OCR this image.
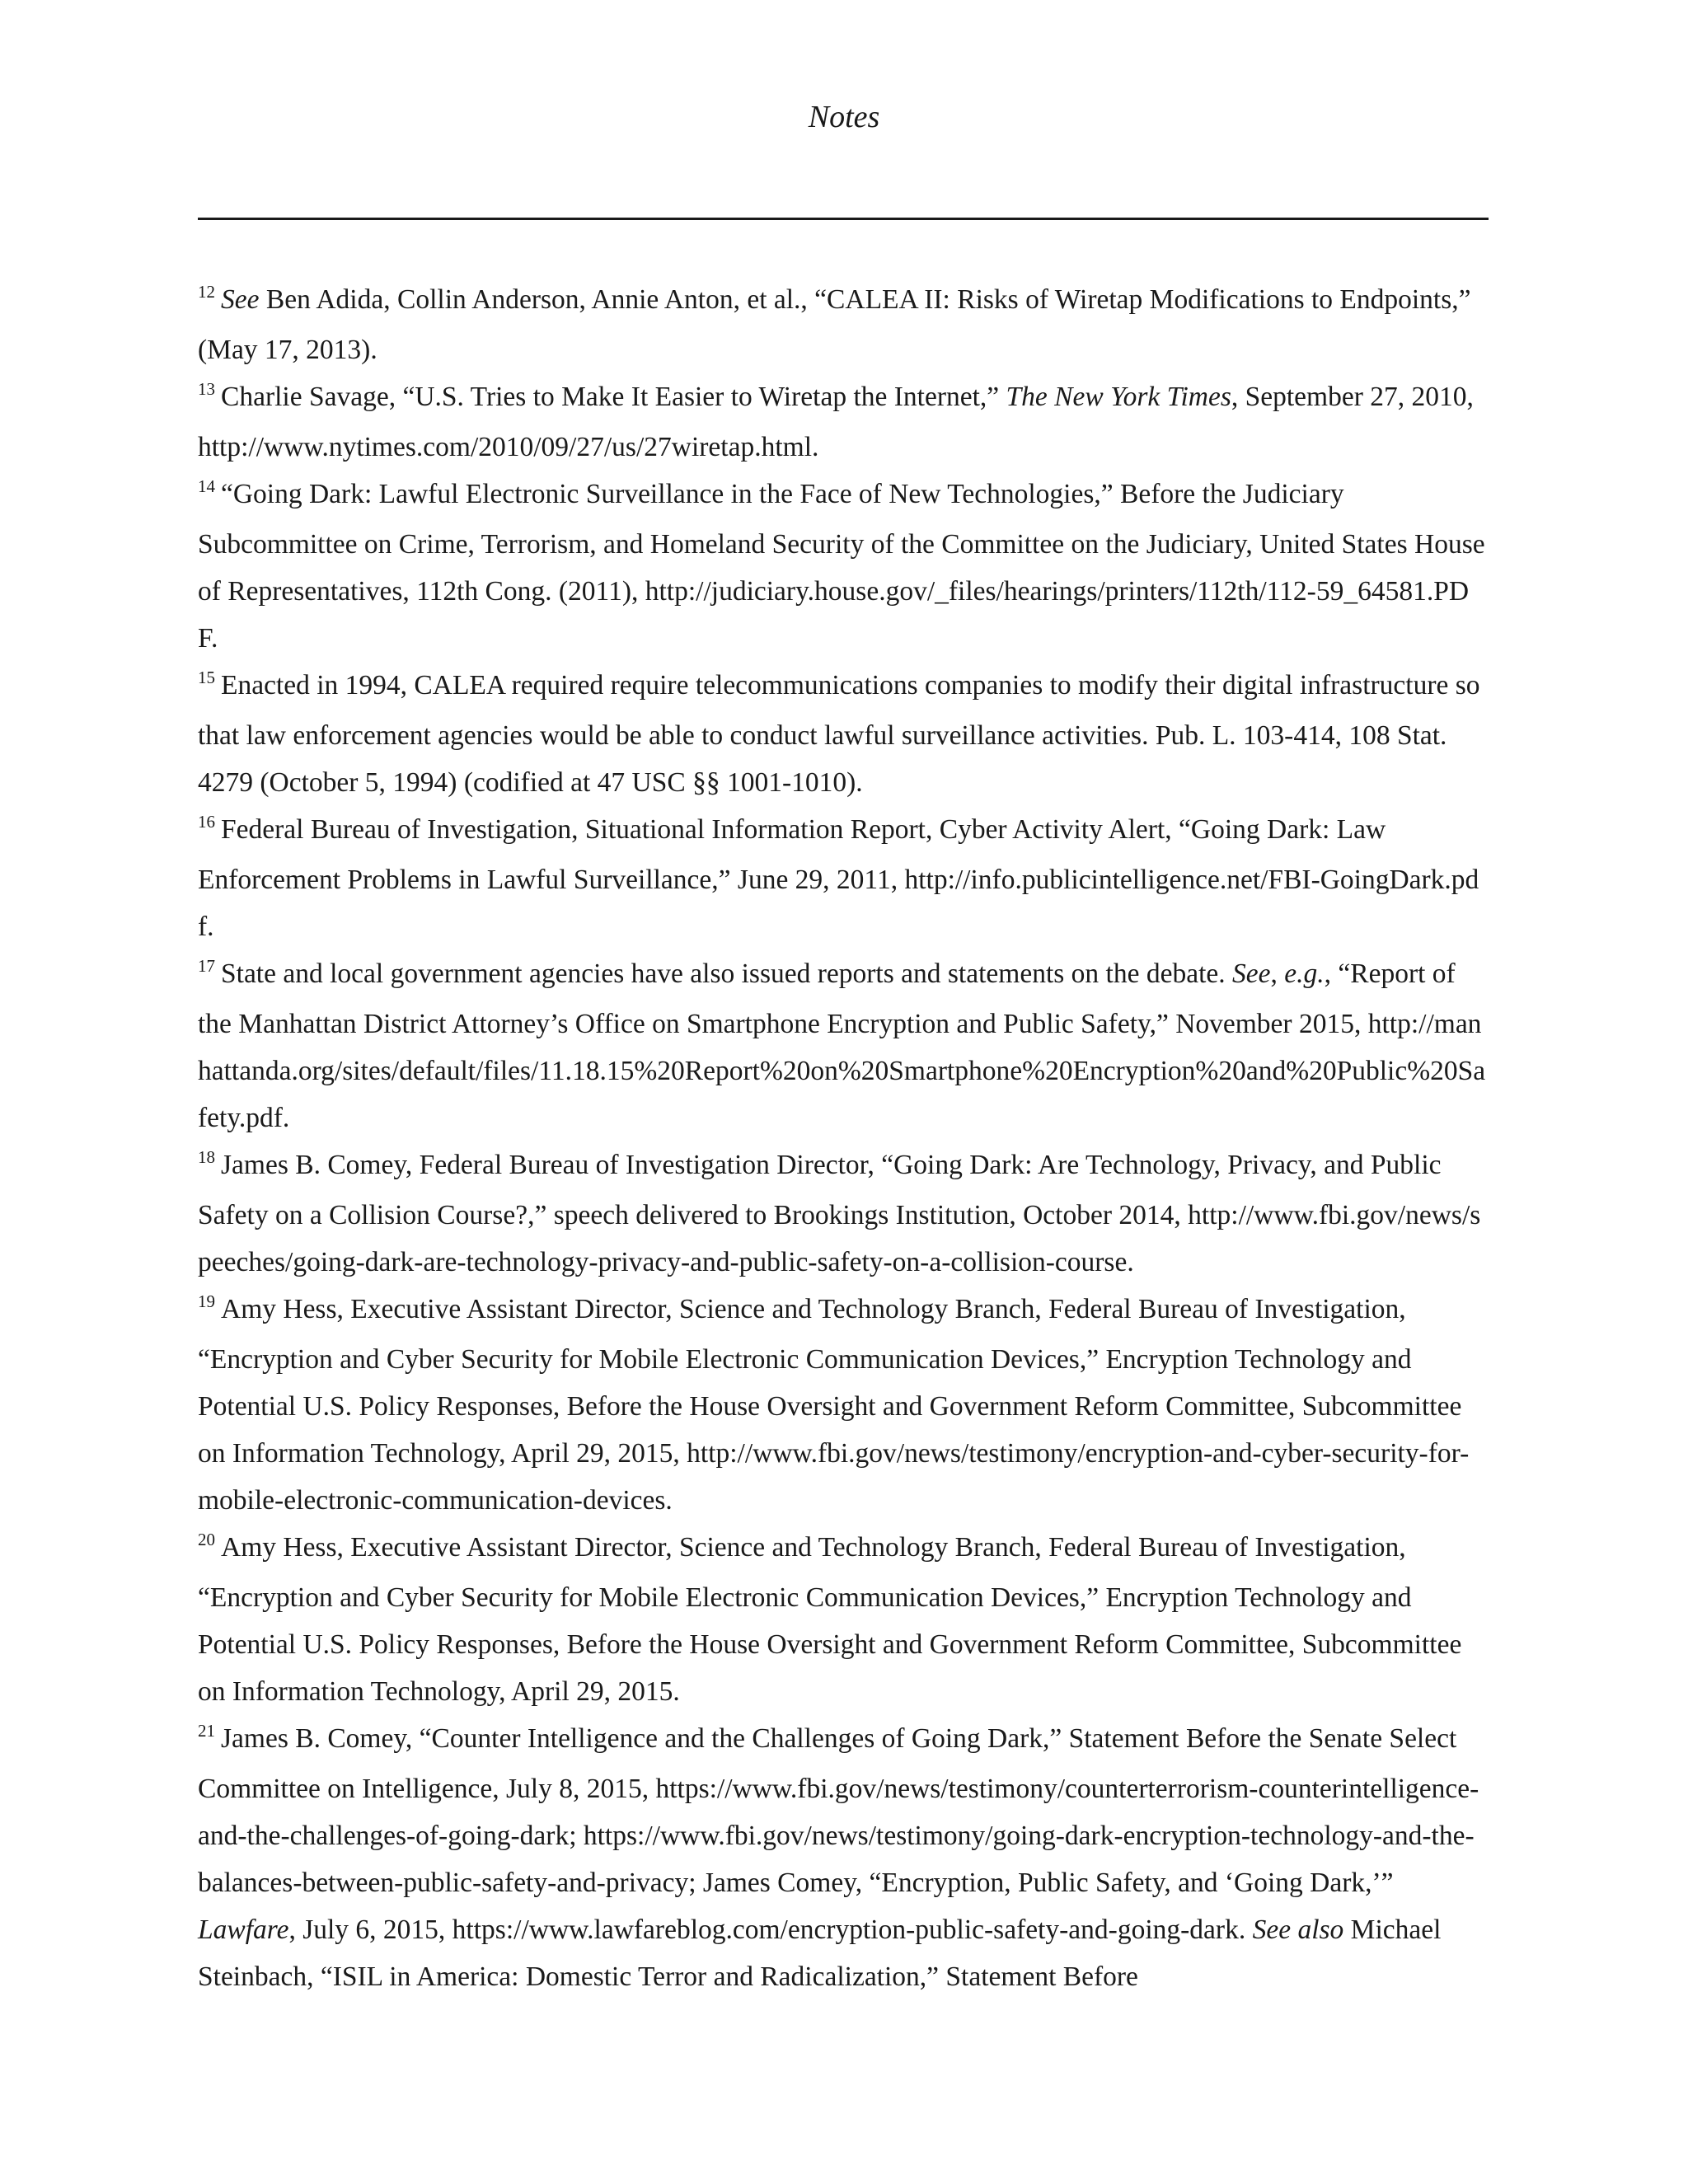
Notes

$^{12}$ See Ben Adida, Collin Anderson, Annie Anton, et al., “CALEA II: Risks of Wiretap Modifications to Endpoints,” (May 17, 2013).

$^{13}$ Charlie Savage, “U.S. Tries to Make It Easier to Wiretap the Internet,” The New York Times, September 27, 2010, http://www.nytimes.com/2010/09/27/us/27wiretap.html.

$^{14}$ “Going Dark: Lawful Electronic Surveillance in the Face of New Technologies,” Before the Judiciary Subcommittee on Crime, Terrorism, and Homeland Security of the Committee on the Judiciary, United States House of Representatives, 112th Cong. (2011), http://judiciary.house.gov/_files/hearings/printers/112th/112-59_64581.PDF.

$^{15}$ Enacted in 1994, CALEA required require telecommunications companies to modify their digital infrastructure so that law enforcement agencies would be able to conduct lawful surveillance activities. Pub. L. 103-414, 108 Stat. 4279 (October 5, 1994) (codified at 47 USC §§ 1001-1010).

$^{16}$ Federal Bureau of Investigation, Situational Information Report, Cyber Activity Alert, “Going Dark: Law Enforcement Problems in Lawful Surveillance,” June 29, 2011, http://info.publicintelligence.net/FBI-GoingDark.pdf.

$^{17}$ State and local government agencies have also issued reports and statements on the debate. See, e.g., “Report of the Manhattan District Attorney’s Office on Smartphone Encryption and Public Safety,” November 2015, http://manhattanda.org/sites/default/files/11.18.15%20Report%20on%20Smartphone%20Encryption%20and%20Public%20Safety.pdf.

$^{18}$ James B. Comey, Federal Bureau of Investigation Director, “Going Dark: Are Technology, Privacy, and Public Safety on a Collision Course?,” speech delivered to Brookings Institution, October 2014, http://www.fbi.gov/news/speeches/going-dark-are-technology-privacy-and-public-safety-on-a-collision-course.

$^{19}$ Amy Hess, Executive Assistant Director, Science and Technology Branch, Federal Bureau of Investigation, “Encryption and Cyber Security for Mobile Electronic Communication Devices,” Encryption Technology and Potential U.S. Policy Responses, Before the House Oversight and Government Reform Committee, Subcommittee on Information Technology, April 29, 2015, http://www.fbi.gov/news/testimony/encryption-and-cyber-security-for-mobile-electronic-communication-devices.

$^{20}$ Amy Hess, Executive Assistant Director, Science and Technology Branch, Federal Bureau of Investigation, “Encryption and Cyber Security for Mobile Electronic Communication Devices,” Encryption Technology and Potential U.S. Policy Responses, Before the House Oversight and Government Reform Committee, Subcommittee on Information Technology, April 29, 2015.

$^{21}$ James B. Comey, “Counter Intelligence and the Challenges of Going Dark,” Statement Before the Senate Select Committee on Intelligence, July 8, 2015, https://www.fbi.gov/news/testimony/counterterrorism-counterintelligence-and-the-challenges-of-going-dark; https://www.fbi.gov/news/testimony/going-dark-encryption-technology-and-the-balances-between-public-safety-and-privacy; James Comey, “Encryption, Public Safety, and ‘Going Dark,’” Lawfare, July 6, 2015, https://www.lawfareblog.com/encryption-public-safety-and-going-dark. See also Michael Steinbach, “ISIL in America: Domestic Terror and Radicalization,” Statement Before
